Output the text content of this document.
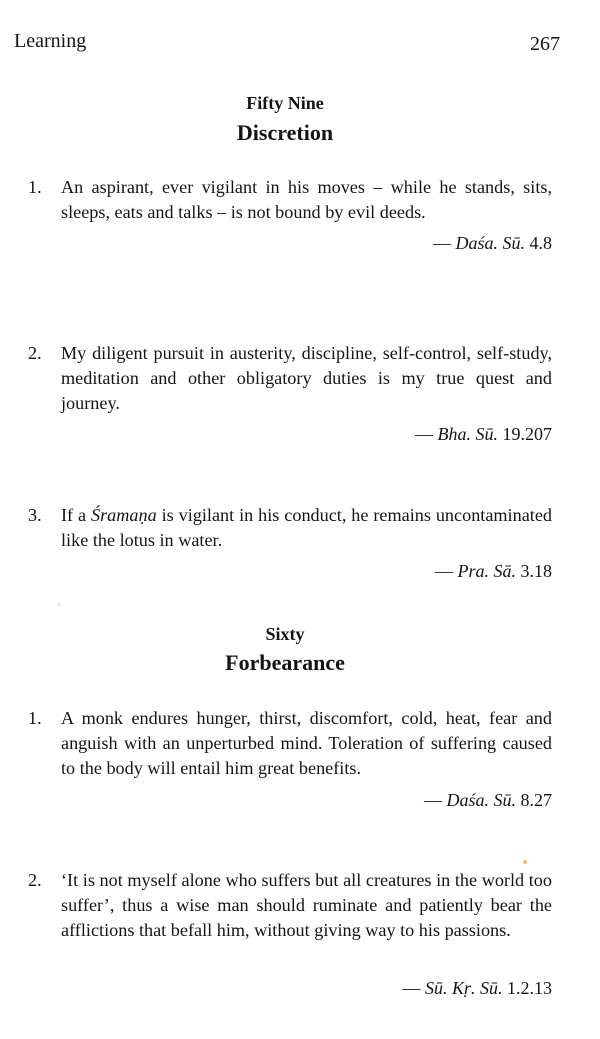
Learning	267
Fifty Nine
Discretion
1. An aspirant, ever vigilant in his moves – while he stands, sits, sleeps, eats and talks – is not bound by evil deeds.
— Daśa. Sū. 4.8
2. My diligent pursuit in austerity, discipline, self-control, self-study, meditation and other obligatory duties is my true quest and journey.
— Bha. Sū. 19.207
3. If a Śramaṇa is vigilant in his conduct, he remains uncontaminated like the lotus in water.
— Pra. Sā. 3.18
Sixty
Forbearance
1. A monk endures hunger, thirst, discomfort, cold, heat, fear and anguish with an unperturbed mind. Toleration of suffering caused to the body will entail him great benefits.
— Daśa. Sū. 8.27
2. ‘It is not myself alone who suffers but all creatures in the world too suffer’, thus a wise man should ruminate and patiently bear the afflictions that befall him, without giving way to his passions.
— Sū. Kṛ. Sū. 1.2.13
